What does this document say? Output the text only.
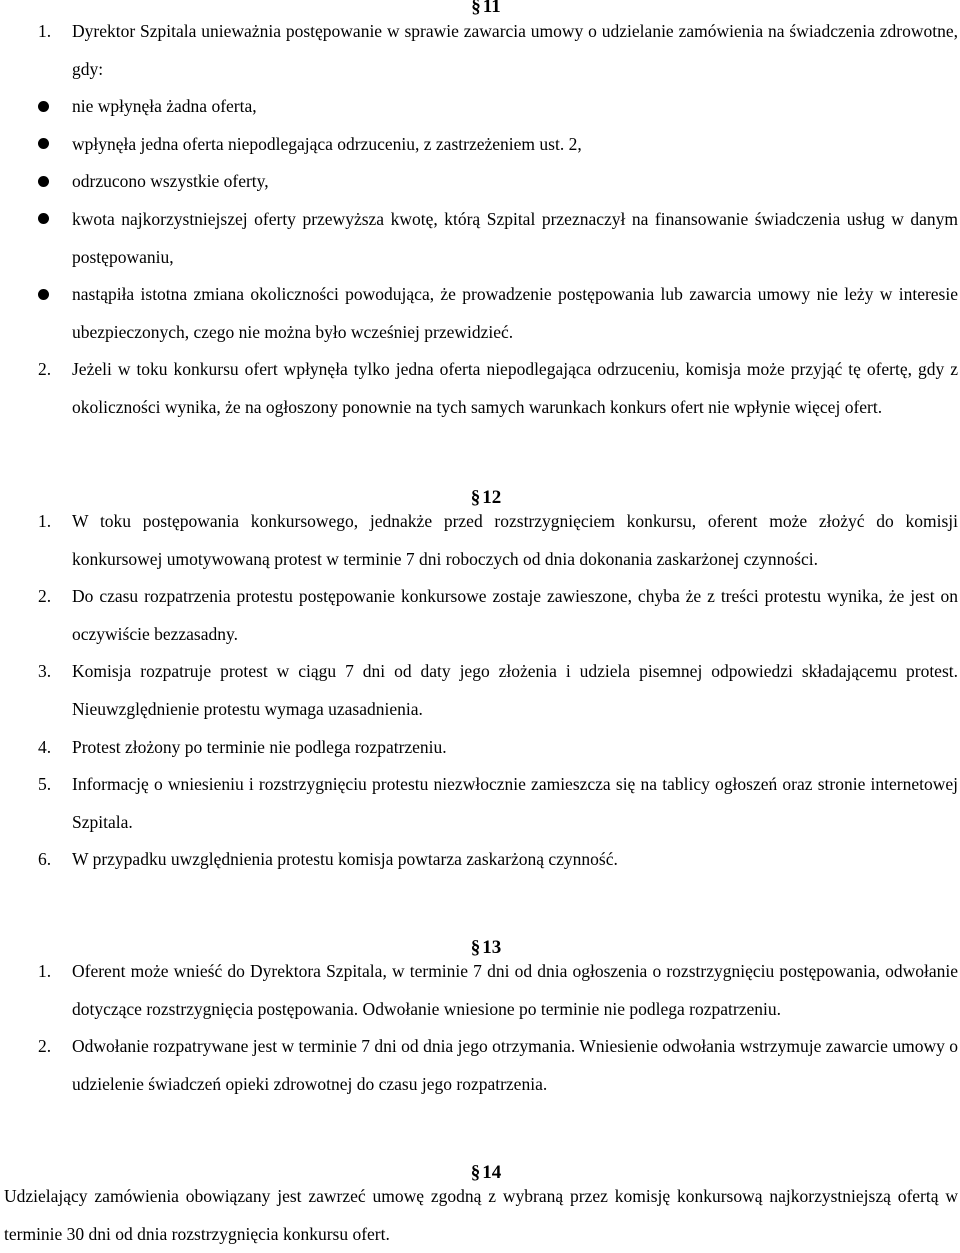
§ 11
1.	Dyrektor Szpitala unieważnia postępowanie w sprawie zawarcia umowy o udzielanie zamówienia na świadczenia zdrowotne, gdy:
nie wpłynęła żadna oferta,
wpłynęła jedna oferta niepodlegająca odrzuceniu, z zastrzeżeniem ust. 2,
odrzucono wszystkie oferty,
kwota najkorzystniejszej oferty przewyższa kwotę, którą Szpital przeznaczył na finansowanie świadczenia usług w danym postępowaniu,
nastąpiła istotna zmiana okoliczności powodująca, że prowadzenie postępowania lub zawarcia umowy nie leży w interesie ubezpieczonych, czego nie można było wcześniej przewidzieć.
2.	Jeżeli w toku konkursu ofert wpłynęła tylko jedna oferta niepodlegająca odrzuceniu, komisja może przyjąć tę ofertę, gdy z okoliczności wynika, że na ogłoszony ponownie na tych samych warunkach konkurs ofert nie wpłynie więcej ofert.
§ 12
1.	W toku postępowania konkursowego, jednakże przed rozstrzygnięciem konkursu, oferent może złożyć do komisji konkursowej umotywowaną protest w terminie 7 dni roboczych od dnia dokonania zaskarżonej czynności.
2.	Do czasu rozpatrzenia protestu postępowanie konkursowe zostaje zawieszone, chyba że z treści protestu wynika, że jest on oczywiście bezzasadny.
3.	Komisja rozpatruje protest w ciągu 7 dni od daty jego złożenia i udziela pisemnej odpowiedzi składającemu protest. Nieuwzględnienie protestu wymaga uzasadnienia.
4.	Protest złożony po terminie nie podlega rozpatrzeniu.
5.	Informację o wniesieniu i rozstrzygnięciu protestu niezwłocznie zamieszcza się na tablicy ogłoszeń oraz stronie internetowej Szpitala.
6.	W przypadku uwzględnienia protestu komisja powtarza zaskarżoną czynność.
§ 13
1.	Oferent może wnieść do Dyrektora Szpitala, w terminie 7 dni od dnia ogłoszenia o rozstrzygnięciu postępowania, odwołanie dotyczące rozstrzygnięcia postępowania. Odwołanie wniesione po terminie nie podlega rozpatrzeniu.
2.	Odwołanie rozpatrywane jest w terminie 7 dni od dnia jego otrzymania. Wniesienie odwołania wstrzymuje zawarcie umowy o udzielenie świadczeń opieki zdrowotnej do czasu jego rozpatrzenia.
§ 14
Udzielający zamówienia obowiązany jest zawrzeć umowę zgodną z wybraną przez komisję konkursową najkorzystniejszą ofertą w terminie 30 dni od dnia rozstrzygnięcia konkursu ofert.
